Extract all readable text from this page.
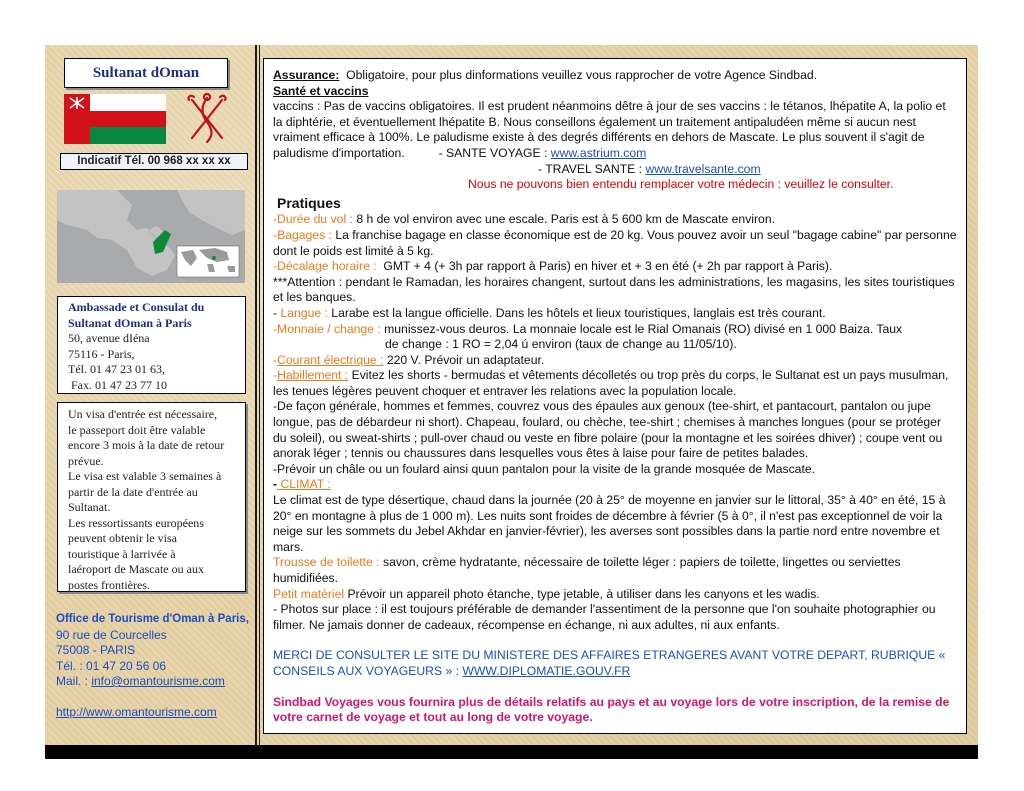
Sultanat dOman
Indicatif Tél. 00 968 xx xx xx
Ambassade et Consulat du
Sultanat dOman à Paris
50, avenue dIéna
75116 - Paris,
Tél. 01 47 23 01 63,
Fax. 01 47 23 77 10
Un visa d'entrée est nécessaire,
le passeport doit être valable
encore 3 mois à la date de retour
prévue.
Le visa est valable 3 semaines à
partir de la date d'entrée au
Sultanat.
Les ressortissants européens
peuvent obtenir le visa
touristique à larrivée à
laéroport de Mascate ou aux
postes frontières.
Office de Tourisme d'Oman à Paris,
90 rue de Courcelles
75008 - PARIS
Tél. : 01 47 20 56 06
Mail. : info@omantourisme.com
http://www.omantourisme.com

Assurance:  Obligatoire, pour plus dinformations veuillez vous rapprocher de votre Agence Sindbad.

Santé et vaccins

vaccins : Pas de vaccins obligatoires. Il est prudent néanmoins dêtre à jour de ses vaccins : le tétanos, lhépatite A, la polio et la diphtérie, et éventuellement lhépatite B. Nous conseillons également un traitement antipaludéen même si aucun nest vraiment efficace à 100%. Le paludisme existe à des degrés différents en dehors de Mascate. Le plus souvent il s'agit de paludisme d'importation.	- SANTE VOYAGE : www.astrium.com

- TRAVEL SANTE : www.travelsante.com

Nous ne pouvons bien entendu remplacer votre médecin : veuillez le consulter.

Pratiques

-Durée du vol : 8 h de vol environ avec une escale. Paris est à 5 600 km de Mascate environ.

-Bagages : La franchise bagage en classe économique est de 20 kg. Vous pouvez avoir un seul "bagage cabine" par personne dont le poids est limité à 5 kg.

-Décalage horaire :  GMT + 4 (+ 3h par rapport à Paris) en hiver et + 3 en été (+ 2h par rapport à Paris).

***Attention : pendant le Ramadan, les horaires changent, surtout dans les administrations, les magasins, les sites touristiques et les banques.

- Langue : Larabe est la langue officielle. Dans les hôtels et lieux touristiques, langlais est très courant.

-Monnaie / change : munissez-vous deuros. La monnaie locale est le Rial Omanais (RO) divisé en 1 000 Baiza. Taux

de change : 1 RO = 2,04 ú environ (taux de change au 11/05/10).

-Courant électrique : 220 V. Prévoir un adaptateur.

-Habillement : Evitez les shorts - bermudas et vêtements décolletés ou trop près du corps, le Sultanat est un pays musulman, les tenues légères peuvent choquer et entraver les relations avec la population locale.

-De façon générale, hommes et femmes, couvrez vous des épaules aux genoux (tee-shirt, et pantacourt, pantalon ou jupe longue, pas de débardeur ni short). Chapeau, foulard, ou chèche, tee-shirt ; chemises à manches longues (pour se protéger du soleil), ou sweat-shirts ; pull-over chaud ou veste en fibre polaire (pour la montagne et les soirées dhiver) ; coupe vent ou anorak léger ; tennis ou chaussures dans lesquelles vous êtes à laise pour faire de petites balades.

-Prévoir un châle ou un foulard ainsi quun pantalon pour la visite de la grande mosquée de Mascate.

- CLIMAT :

Le climat est de type désertique, chaud dans la journée (20 à 25° de moyenne en janvier sur le littoral, 35° à 40° en été, 15 à 20° en montagne à plus de 1 000 m). Les nuits sont froides de décembre à février (5 à 0°, il n'est pas exceptionnel de voir la neige sur les sommets du Jebel Akhdar en janvier-février), les averses sont possibles dans la partie nord entre novembre et mars.

Trousse de toilette : savon, crème hydratante, nécessaire de toilette léger : papiers de toilette, lingettes ou serviettes humidifiées.

Petit matériel Prévoir un appareil photo étanche, type jetable, à utiliser dans les canyons et les wadis.

- Photos sur place : il est toujours préférable de demander l'assentiment de la personne que l'on souhaite photographier ou filmer. Ne jamais donner de cadeaux, récompense en échange, ni aux adultes, ni aux enfants.

MERCI DE CONSULTER LE SITE DU MINISTERE DES AFFAIRES ETRANGERES AVANT VOTRE DEPART, RUBRIQUE « CONSEILS AUX VOYAGEURS » : WWW.DIPLOMATIE.GOUV.FR

Sindbad Voyages vous fournira plus de détails relatifs au pays et au voyage lors de votre inscription, de la remise de votre carnet de voyage et tout au long de votre voyage.
